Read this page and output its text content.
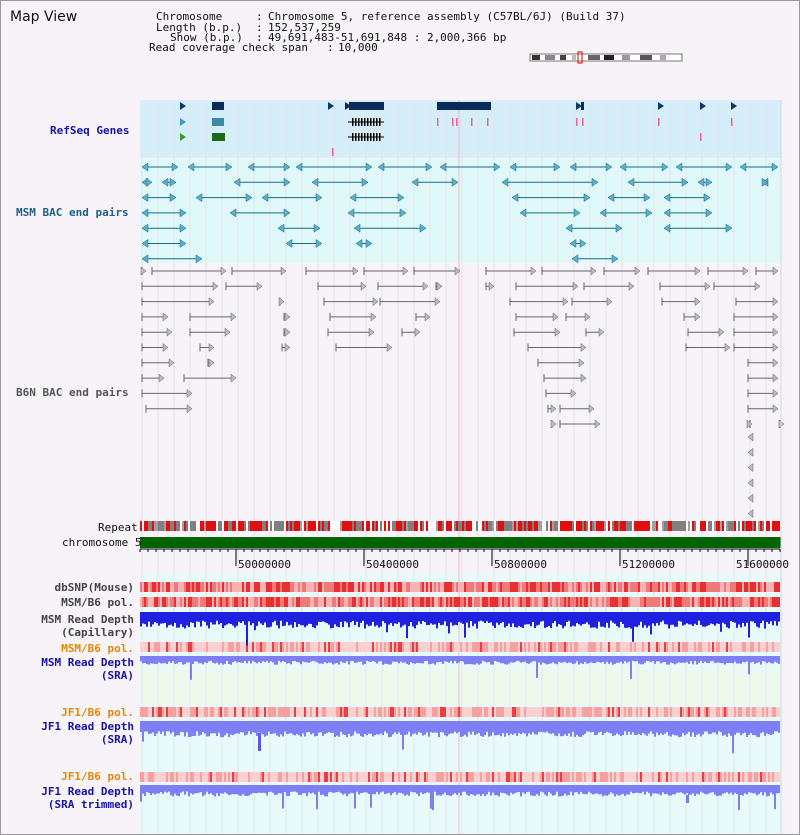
Map View	Chromosome	: Chromosome 5, reference assembly (C57BL/6J) (Build 37)
Length (b.p.) : 152,537,259
Show (b.p.) : 49,691,483-51,691,848 : 2,000,366 bp
Read coverage check span : 10,000
RefSeq Genes
MSM BAC end pairs
B6N BAC end pairs
Repeat
chromosome 5
dbSNP(Mouse)
MSM/B6 pol.
MSM Read Depth
(Capillary)
MSM/B6 pol.
MSM Read Depth
(SRA)
JF1/B6 pol.
JF1 Read Depth
(SRA)
JF1/B6 pol.
JF1 Read Depth
(SRA trimmed)
50000000	50400000	50800000	51200000	51600000
